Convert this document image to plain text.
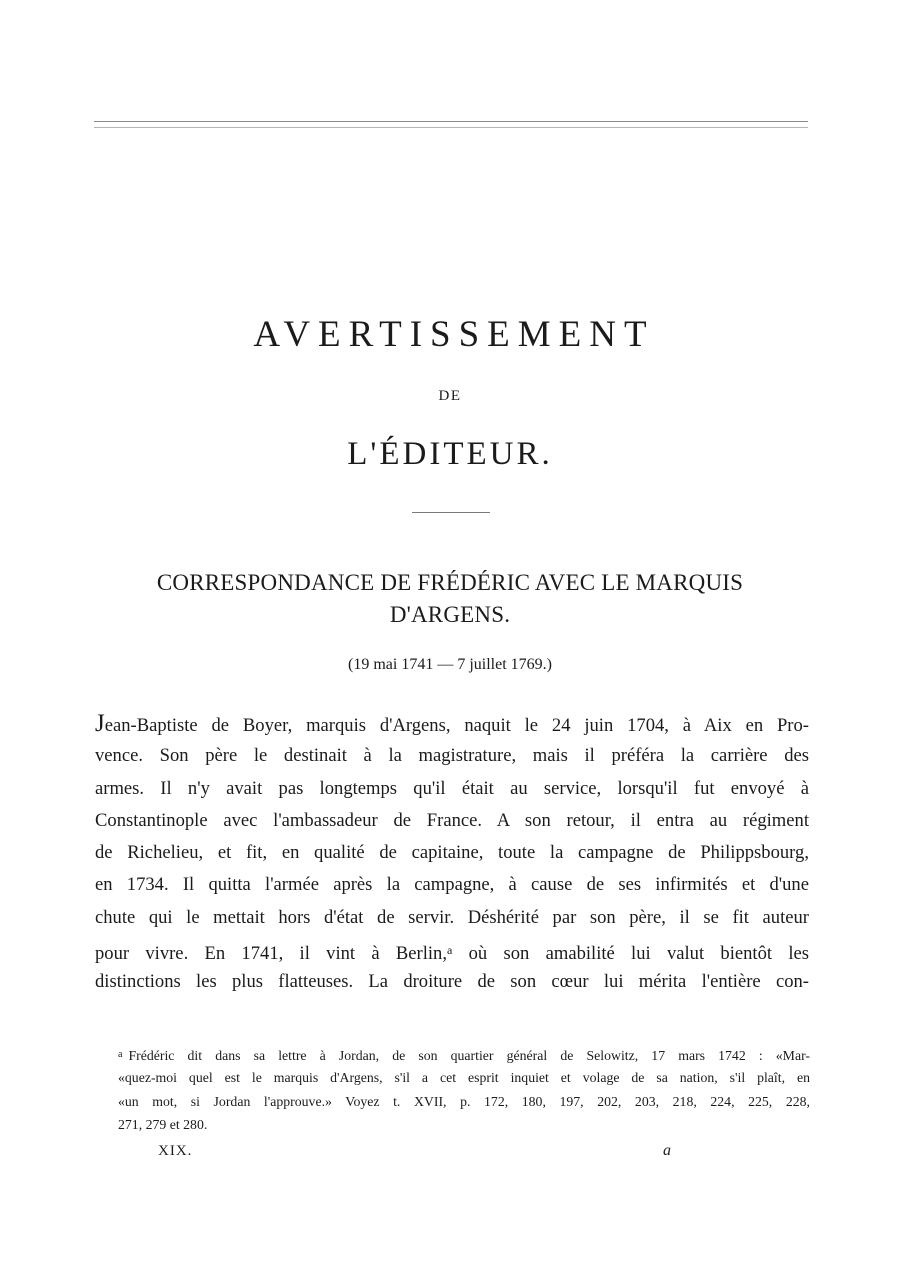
AVERTISSEMENT
DE
L'ÉDITEUR.
CORRESPONDANCE DE FRÉDÉRIC AVEC LE MARQUIS
D'ARGENS.
(19 mai 1741 — 7 juillet 1769.)
Jean-Baptiste de Boyer, marquis d'Argens, naquit le 24 juin 1704, à Aix en Pro-
vence. Son père le destinait à la magistrature, mais il préféra la carrière des
armes. Il n'y avait pas longtemps qu'il était au service, lorsqu'il fut envoyé à
Constantinople avec l'ambassadeur de France. A son retour, il entra au régiment
de Richelieu, et fit, en qualité de capitaine, toute la campagne de Philippsbourg,
en 1734. Il quitta l'armée après la campagne, à cause de ses infirmités et d'une
chute qui le mettait hors d'état de servir. Déshérité par son père, il se fit auteur
pour vivre. En 1741, il vint à Berlin,$^a$ où son amabilité lui valut bientôt les
distinctions les plus flatteuses. La droiture de son cœur lui mérita l'entière con-
$^a$ Frédéric dit dans sa lettre à Jordan, de son quartier général de Selowitz, 17 mars 1742 : «Mar-
«quez-moi quel est le marquis d'Argens, s'il a cet esprit inquiet et volage de sa nation, s'il plaît, en
«un mot, si Jordan l'approuve.» Voyez t. XVII, p. 172, 180, 197, 202, 203, 218, 224, 225, 228,
271, 279 et 280.
XIX.	a
